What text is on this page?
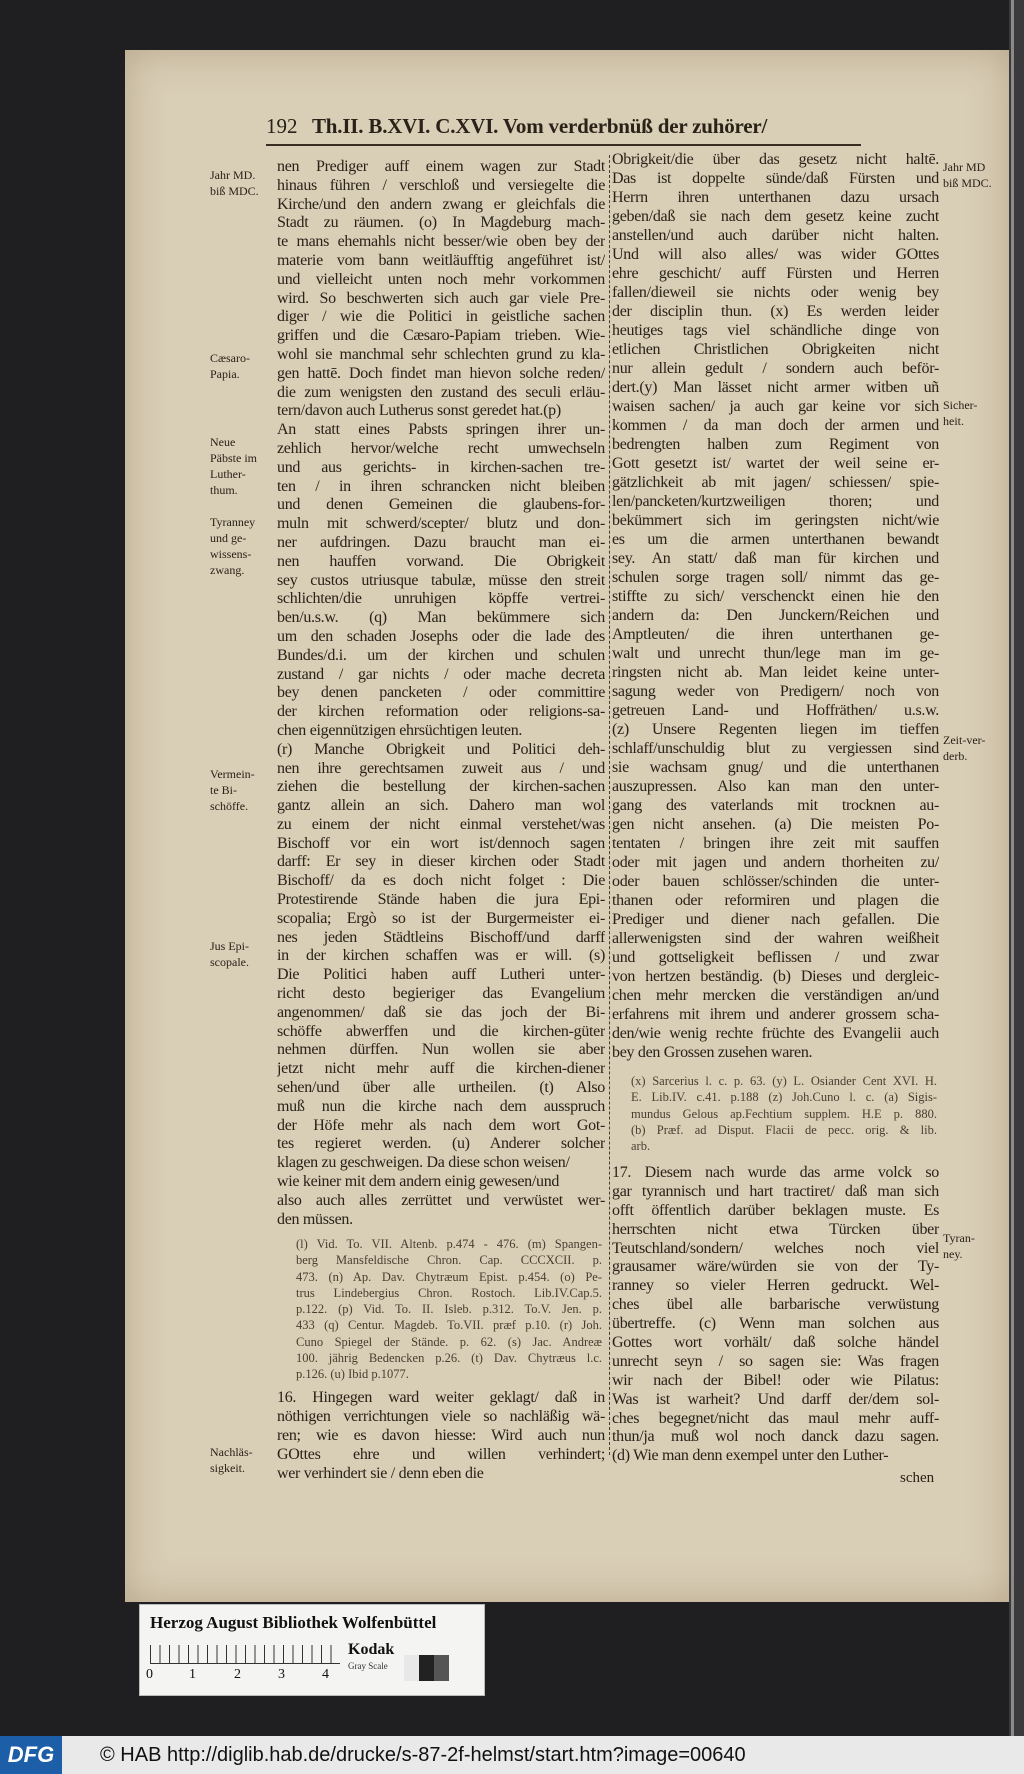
192 Th.II. B.XVI. C.XVI. Vom verderbnüß der zuhörer/
nen Prediger auff einem wagen zur Stadt
hinaus führen / verschloß und versiegelte die
Kirche/und den andern zwang er gleichfals die
Stadt zu räumen. (o) In Magdeburg mach-
te mans ehemahls nicht besser/wie oben bey der
materie vom bann weitläufftig angeführet ist/
und vielleicht unten noch mehr vorkommen
wird. So beschwerten sich auch gar viele Pre-
diger / wie die Politici in geistliche sachen
griffen und die Cæsaro-Papiam trieben. Wie-
wohl sie manchmal sehr schlechten grund zu kla-
gen hattē. Doch findet man hievon solche reden/
die zum wenigsten den zustand des seculi erläu-
tern/davon auch Lutherus sonst geredet hat.(p)
An statt eines Pabsts springen ihrer un-
zehlich hervor/welche recht umwechseln
und aus gerichts- in kirchen-sachen tre-
ten / in ihren schrancken nicht bleiben
und denen Gemeinen die glaubens-for-
muln mit schwerd/scepter/ blutz und don-
ner aufdringen. Dazu braucht man ei-
nen hauffen vorwand. Die Obrigkeit
sey custos utriusque tabulæ, müsse den streit
schlichten/die unruhigen köpffe vertrei-
ben/u.s.w. (q) Man bekümmere sich
um den schaden Josephs oder die lade des
Bundes/d.i. um der kirchen und schulen
zustand / gar nichts / oder mache decreta
bey denen pancketen / oder committire
der kirchen reformation oder religions-sa-
chen eigennützigen ehrsüchtigen leuten.
(r) Manche Obrigkeit und Politici deh-
nen ihre gerechtsamen zuweit aus / und
ziehen die bestellung der kirchen-sachen
gantz allein an sich. Dahero man wol
zu einem der nicht einmal verstehet/was
Bischoff vor ein wort ist/dennoch sagen
darff: Er sey in dieser kirchen oder Stadt
Bischoff/ da es doch nicht folget : Die
Protestirende Stände haben die jura Epi-
scopalia; Ergò so ist der Burgermeister ei-
nes jeden Städtleins Bischoff/und darff
in der kirchen schaffen was er will. (s)
Die Politici haben auff Lutheri unter-
richt desto begieriger das Evangelium
angenommen/ daß sie das joch der Bi-
schöffe abwerffen und die kirchen-güter
nehmen dürffen. Nun wollen sie aber
jetzt nicht mehr auff die kirchen-diener
sehen/und über alle urtheilen. (t) Also
muß nun die kirche nach dem ausspruch
der Höfe mehr als nach dem wort Got-
tes regieret werden. (u) Anderer solcher
klagen zu geschweigen. Da diese schon weisen/
wie keiner mit dem andern einig gewesen/und
also auch alles zerrüttet und verwüstet wer-
den müssen.
(l) Vid. To. VII. Altenb. p.474 - 476. (m) Spangen-
berg Mansfeldische Chron. Cap. CCCXCII. p.
473. (n) Ap. Dav. Chytræum Epist. p.454. (o) Pe-
trus Lindebergius Chron. Rostoch. Lib.IV.Cap.5.
p.122. (p) Vid. To. II. Isleb. p.312. To.V. Jen. p.
433 (q) Centur. Magdeb. To.VII. præf p.10. (r) Joh.
Cuno Spiegel der Stände. p. 62. (s) Jac. Andreæ
100. jährig Bedencken p.26. (t) Dav. Chytræus l.c.
p.126. (u) Ibid p.1077.
16. Hingegen ward weiter geklagt/ daß in
nöthigen verrichtungen viele so nachläßig wä-
ren; wie es davon hiesse: Wird auch nun
GOttes ehre und willen verhindert;
wer verhindert sie / denn eben die
Obrigkeit/die über das gesetz nicht haltē.
Das ist doppelte sünde/daß Fürsten und
Herrn ihren unterthanen dazu ursach
geben/daß sie nach dem gesetz keine zucht
anstellen/und auch darüber nicht halten.
Und will also alles/ was wider GOttes
ehre geschicht/ auff Fürsten und Herren
fallen/dieweil sie nichts oder wenig bey
der disciplin thun. (x) Es werden leider
heutiges tags viel schändliche dinge von
etlichen Christlichen Obrigkeiten nicht
nur allein gedult / sondern auch beför-
dert.(y) Man lässet nicht armer witben uñ
waisen sachen/ ja auch gar keine vor sich
kommen / da man doch der armen und
bedrengten halben zum Regiment von
Gott gesetzt ist/ wartet der weil seine er-
gätzlichkeit ab mit jagen/ schiessen/ spie-
len/pancketen/kurtzweiligen thoren; und
bekümmert sich im geringsten nicht/wie
es um die armen unterthanen bewandt
sey. An statt/ daß man für kirchen und
schulen sorge tragen soll/ nimmt das ge-
stiffte zu sich/ verschenckt einen hie den
andern da: Den Junckern/Reichen und
Amptleuten/ die ihren unterthanen ge-
walt und unrecht thun/lege man im ge-
ringsten nicht ab. Man leidet keine unter-
sagung weder von Predigern/ noch von
getreuen Land- und Hoffräthen/ u.s.w.
(z) Unsere Regenten liegen im tieffen
schlaff/unschuldig blut zu vergiessen sind
sie wachsam gnug/ und die unterthanen
auszupressen. Also kan man den unter-
gang des vaterlands mit trocknen au-
gen nicht ansehen. (a) Die meisten Po-
tentaten / bringen ihre zeit mit sauffen
oder mit jagen und andern thorheiten zu/
oder bauen schlösser/schinden die unter-
thanen oder reformiren und plagen die
Prediger und diener nach gefallen. Die
allerwenigsten sind der wahren weißheit
und gottseligkeit beflissen / und zwar
von hertzen beständig. (b) Dieses und dergleic-
chen mehr mercken die verständigen an/und
erfahrens mit ihrem und anderer grossem scha-
den/wie wenig rechte früchte des Evangelii auch
bey den Grossen zusehen waren.
(x) Sarcerius l. c. p. 63. (y) L. Osiander Cent XVI. H.
E. Lib.IV. c.41. p.188 (z) Joh.Cuno l. c. (a) Sigis-
mundus Gelous ap.Fechtium supplem. H.E p. 880.
(b) Præf. ad Disput. Flacii de pecc. orig. & lib.
arb.
17. Diesem nach wurde das arme volck so
gar tyrannisch und hart tractiret/ daß man sich
offt öffentlich darüber beklagen muste. Es
herrschten nicht etwa Türcken über
Teutschland/sondern/ welches noch viel
grausamer wäre/würden sie von der Ty-
ranney so vieler Herren gedruckt. Wel-
ches übel alle barbarische verwüstung
übertreffe. (c) Wenn man solchen aus
Gottes wort vorhält/ daß solche händel
unrecht seyn / so sagen sie: Was fragen
wir nach der Bibel! oder wie Pilatus:
Was ist warheit? Und darff der/dem sol-
ches begegnet/nicht das maul mehr auff-
thun/ja muß wol noch danck dazu sagen.
(d) Wie man denn exempel unter den Luther-
schen
Jahr MD.
biß MDC.
Cæsaro-
Papia.
Neue
Päbste im
Luther-
thum.
Tyranney
und ge-
wissens-
zwang.
Vermein-
te Bi-
schöffe.
Jus Epi-
scopale.
Nachläs-
sigkeit.
Jahr MD
biß MDC.
Sicher-
heit.
Zeit-ver-
derb.
Tyran-
ney.
Herzog August Bibliothek Wolfenbüttel
0	1	2	3	4
Kodak
Gray Scale
DFG	© HAB http://diglib.hab.de/drucke/s-87-2f-helmst/start.htm?image=00640
